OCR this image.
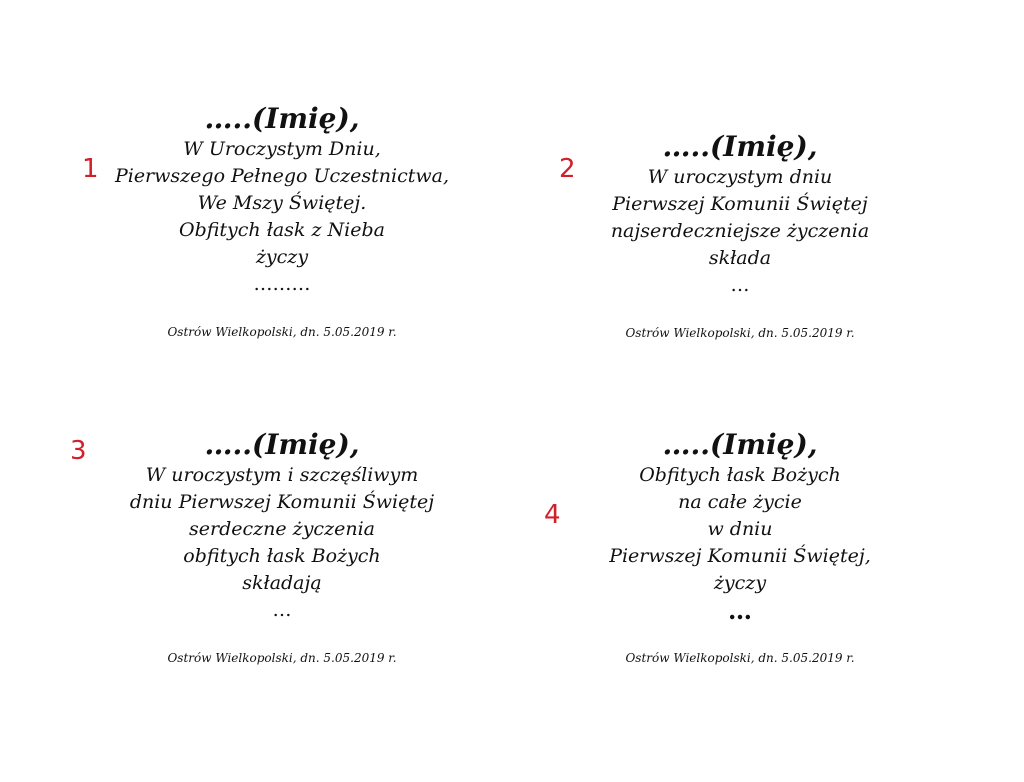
1

…..(Imię),

W Uroczystym Dniu,

Pierwszego Pełnego Uczestnictwa,

We Mszy Świętej.

Obfitych łask z Nieba

życzy

………

Ostrów Wielkopolski, dn. 5.05.2019 r.

2

…..(Imię),

W uroczystym dniu

Pierwszej Komunii Świętej

najserdeczniejsze życzenia

składa

…

Ostrów Wielkopolski, dn. 5.05.2019 r.

3	…..(Imię),

W uroczystym i szczęśliwym

dniu Pierwszej Komunii Świętej

serdeczne życzenia

obfitych łask Bożych

składają

…

Ostrów Wielkopolski, dn. 5.05.2019 r.

4

…..(Imię),

Obfitych łask Bożych

na całe życie

w dniu

Pierwszej Komunii Świętej,

życzy

…

Ostrów Wielkopolski, dn. 5.05.2019 r.
